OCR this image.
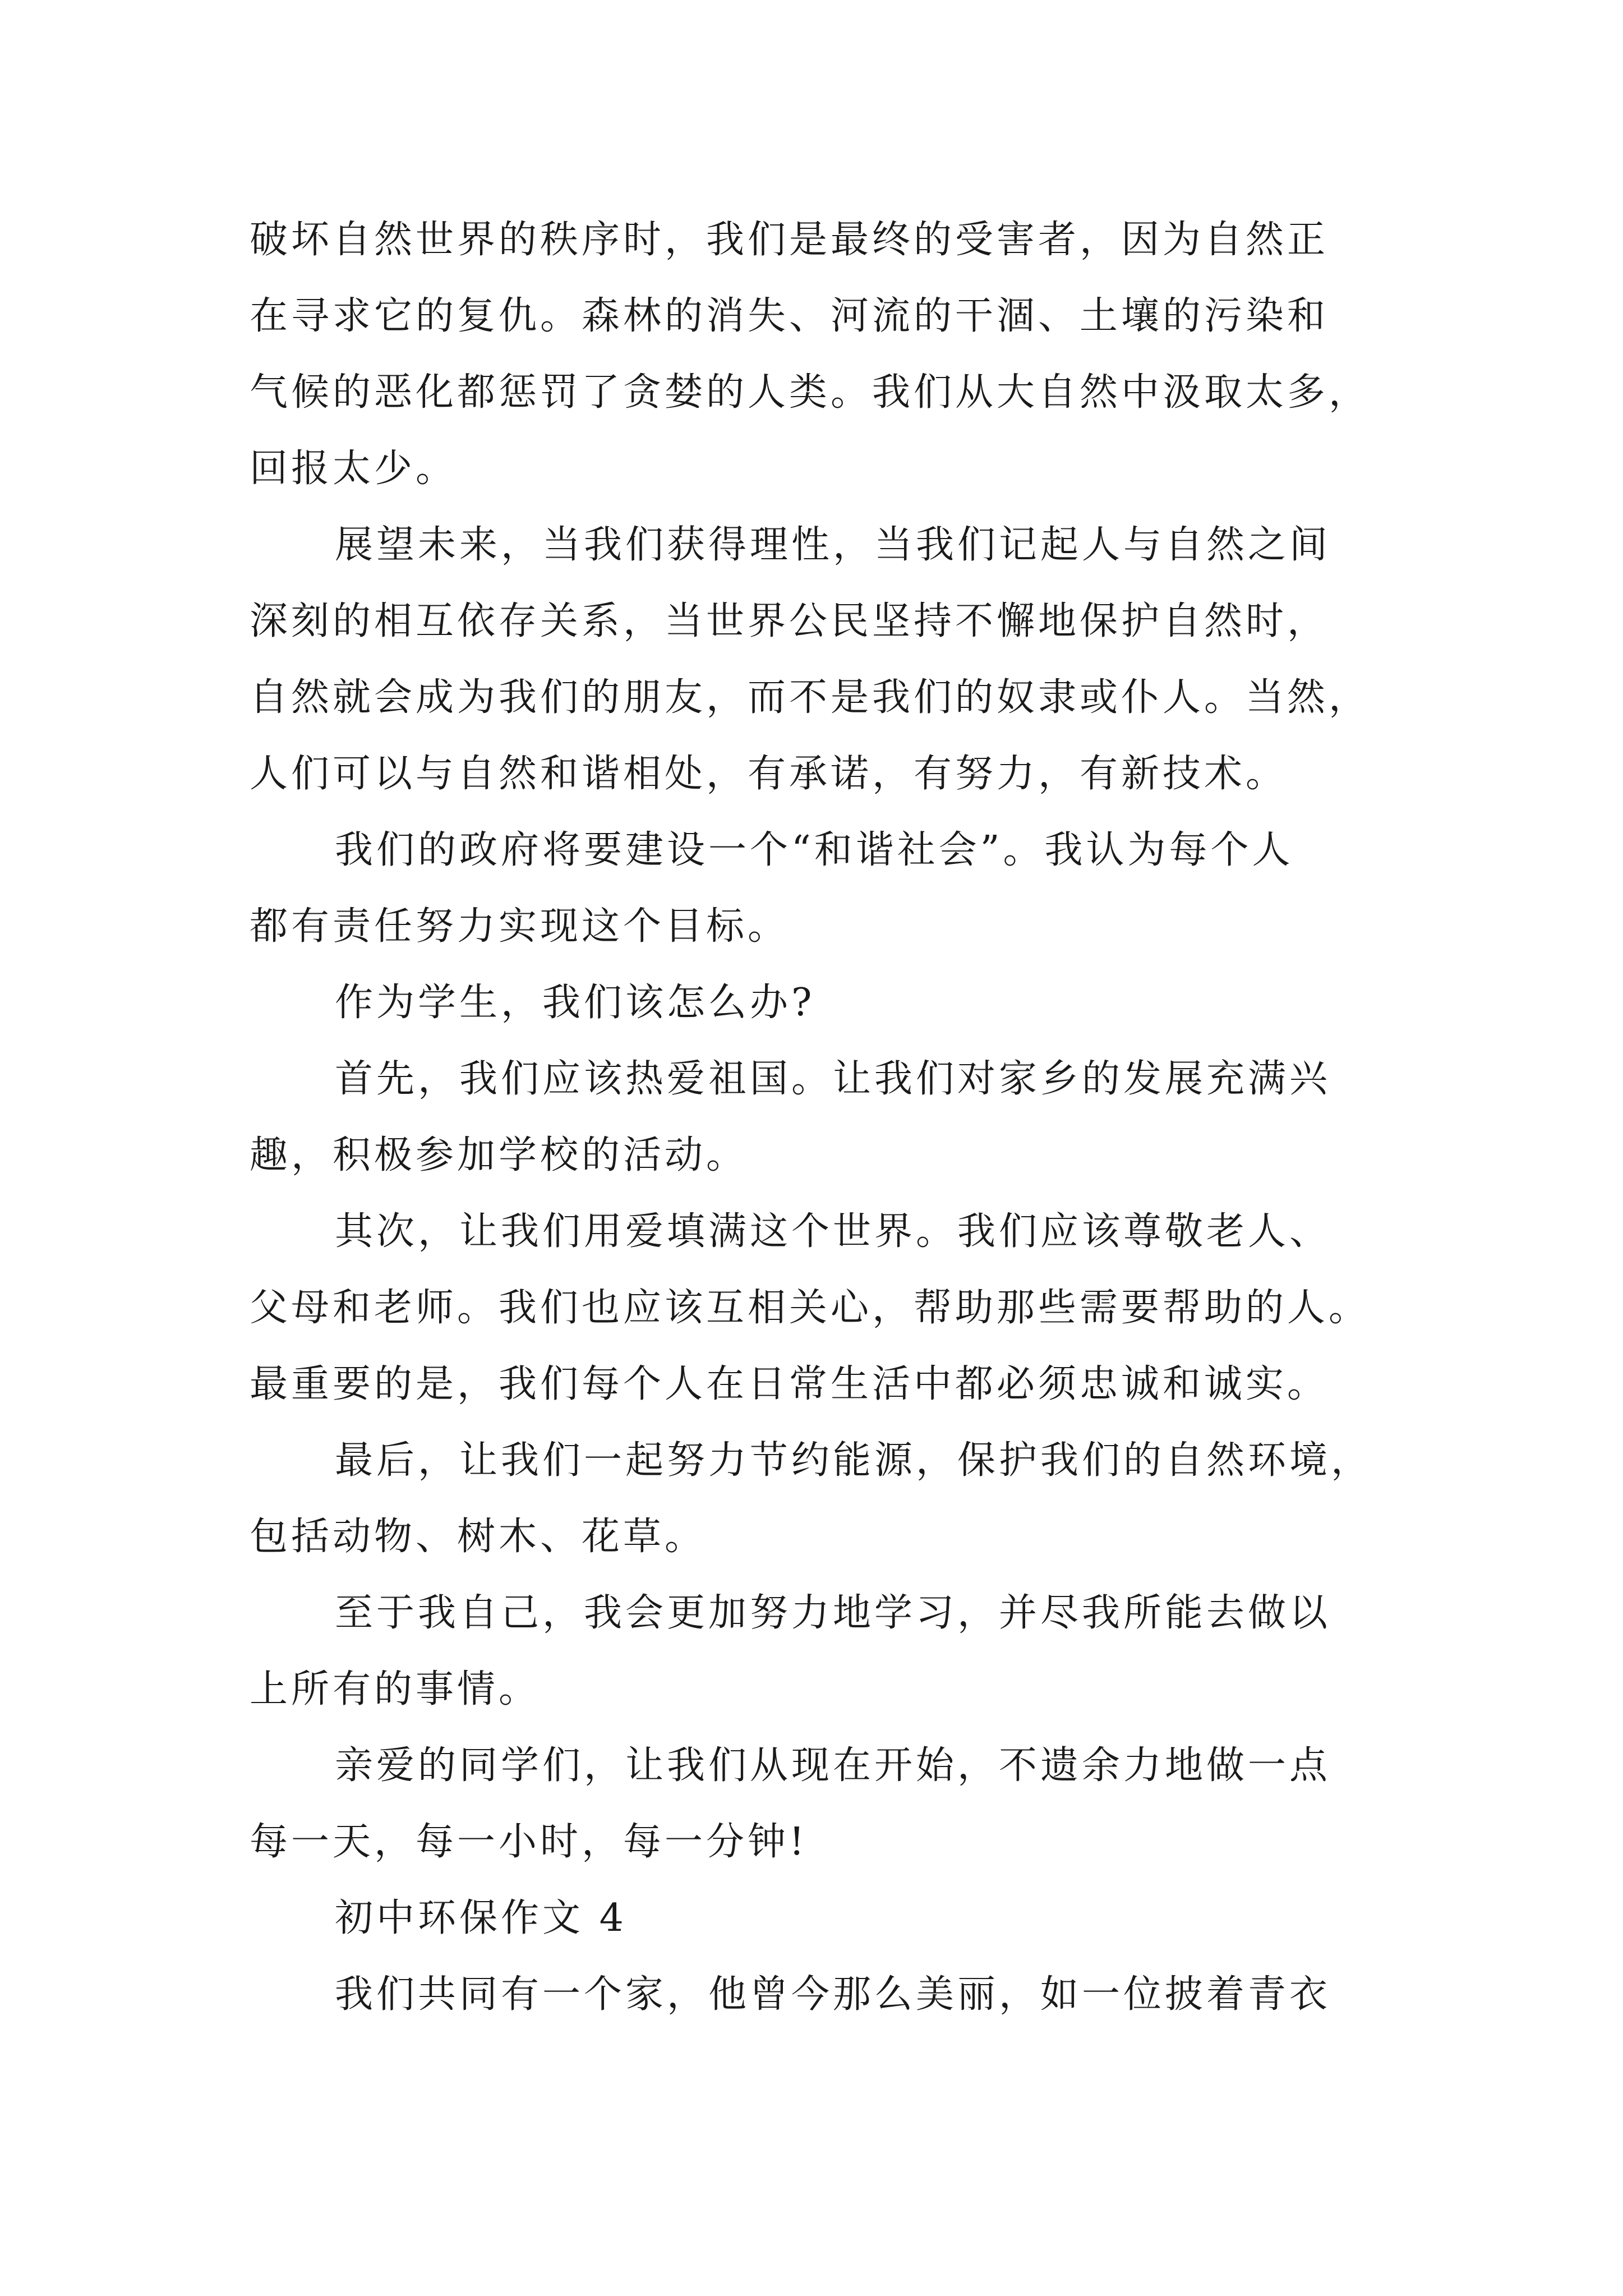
破坏自然世界的秩序时，我们是最终的受害者，因为自然正
在寻求它的复仇。森林的消失、河流的干涸、土壤的污染和
气候的恶化都惩罚了贪婪的人类。我们从大自然中汲取太多，
回报太少。
展望未来，当我们获得理性，当我们记起人与自然之间
深刻的相互依存关系，当世界公民坚持不懈地保护自然时，
自然就会成为我们的朋友，而不是我们的奴隶或仆人。当然，
人们可以与自然和谐相处，有承诺，有努力，有新技术。
我们的政府将要建设一个“和谐社会”。我认为每个人
都有责任努力实现这个目标。
作为学生，我们该怎么办?
首先，我们应该热爱祖国。让我们对家乡的发展充满兴
趣，积极参加学校的活动。
其次，让我们用爱填满这个世界。我们应该尊敬老人、
父母和老师。我们也应该互相关心，帮助那些需要帮助的人。
最重要的是，我们每个人在日常生活中都必须忠诚和诚实。
最后，让我们一起努力节约能源，保护我们的自然环境，
包括动物、树木、花草。
至于我自己，我会更加努力地学习，并尽我所能去做以
上所有的事情。
亲爱的同学们，让我们从现在开始，不遗余力地做一点
每一天，每一小时，每一分钟!
初中环保作文 4
我们共同有一个家，他曾今那么美丽，如一位披着青衣
